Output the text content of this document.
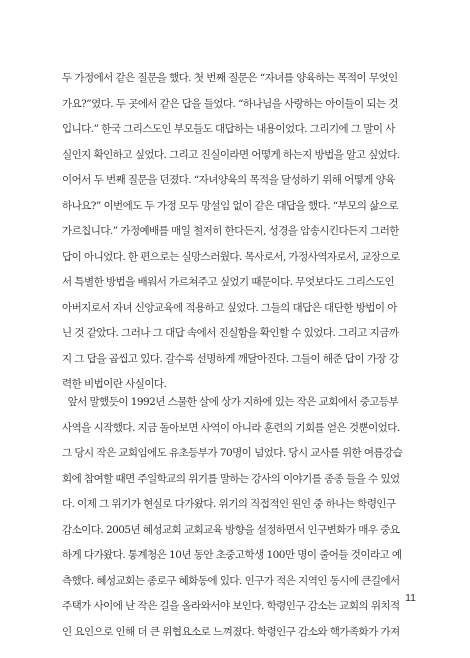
두 가정에서 같은 질문을 했다. 첫 번째 질문은 “자녀를 양육하는 목적이 무엇인
가요?”였다. 두 곳에서 같은 답을 들었다. “하나님을 사랑하는 아이들이 되는 것
입니다.” 한국 그리스도인 부모들도 대답하는 내용이었다. 그리기에 그 말이 사
실인지 확인하고 싶었다. 그리고 진실이라면 어떻게 하는지 방법을 알고 싶었다.
이어서 두 번째 질문을 던졌다. “자녀양육의 목적을 달성하기 위해 어떻게 양육
하나요?” 이번에도 두 가정 모두 망설임 없이 같은 대답을 했다. “부모의 삶으로
가르칩니다.” 가정예배를 매일 철저히 한다든지, 성경을 암송시킨다든지 그러한
답이 아니었다. 한 편으로는 실망스러웠다. 목사로서, 가정사역자로서, 교장으로
서 특별한 방법을 배워서 가르쳐주고 싶었기 때문이다. 무엇보다도 그리스도인
아버지로서 자녀 신앙교육에 적용하고 싶었다. 그들의 대답은 대단한 방법이 아
닌 것 같았다. 그러나 그 대답 속에서 진실함을 확인할 수 있었다. 그리고 지금까
지 그 답을 곱씹고 있다. 갈수록 선명하게 깨달아진다. 그들이 해준 답이 가장 강
력한 비법이란 사실이다.
앞서 말했듯이 1992년 스물한 살에 상가 지하에 있는 작은 교회에서 중고등부
사역을 시작했다. 지금 돌아보면 사역이 아니라 훈련의 기회를 얻은 것뿐이었다.
그 당시 작은 교회임에도 유초등부가 70명이 넘었다. 당시 교사를 위한 여름강습
회에 참여할 때면 주일학교의 위기를 말하는 강사의 이야기를 종종 들을 수 있었
다. 이제 그 위기가 현실로 다가왔다. 위기의 직접적인 원인 중 하나는 학령인구
감소이다. 2005년 혜성교회 교회교육 방향을 설정하면서 인구변화가 매우 중요
하게 다가왔다. 통계청은 10년 동안 초중고학생 100만 명이 줄어들 것이라고 예
측했다. 혜성교회는 종로구 혜화동에 있다. 인구가 적은 지역인 동시에 큰길에서
주택가 사이에 난 작은 길을 올라와서야 보인다. 학령인구 감소는 교회의 위치적
인 요인으로 인해 더 큰 위협요소로 느껴졌다. 학령인구 감소와 핵가족화가 가져
11
